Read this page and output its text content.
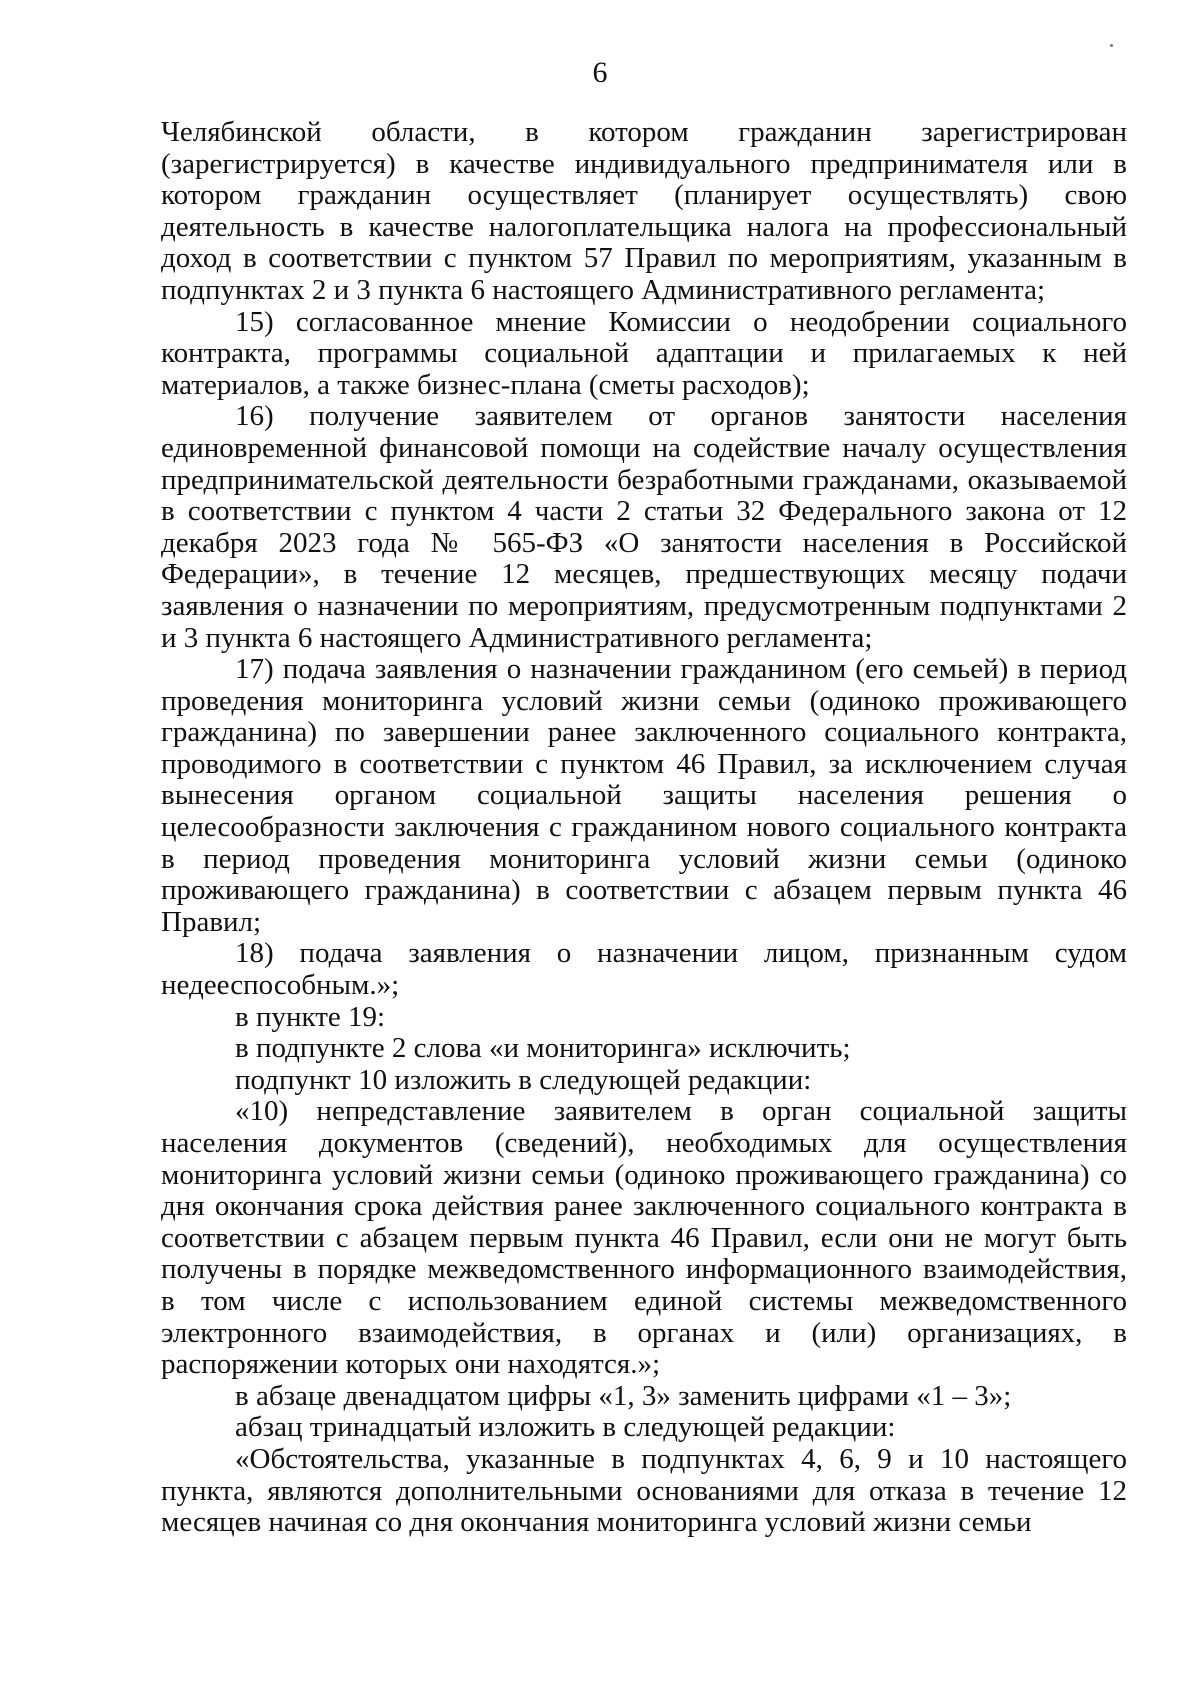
6

Челябинской области, в котором гражданин зарегистрирован (зарегистрируется) в качестве индивидуального предпринимателя или в котором гражданин осуществляет (планирует осуществлять) свою деятельность в качестве налогоплательщика налога на профессиональный доход в соответствии с пунктом 57 Правил по мероприятиям, указанным в подпунктах 2 и 3 пункта 6 настоящего Административного регламента;

15) согласованное мнение Комиссии о неодобрении социального контракта, программы социальной адаптации и прилагаемых к ней материалов, а также бизнес-плана (сметы расходов);

16) получение заявителем от органов занятости населения единовременной финансовой помощи на содействие началу осуществления предпринимательской деятельности безработными гражданами, оказываемой в соответствии с пунктом 4 части 2 статьи 32 Федерального закона от 12 декабря 2023 года № 565-ФЗ «О занятости населения в Российской Федерации», в течение 12 месяцев, предшествующих месяцу подачи заявления о назначении по мероприятиям, предусмотренным подпунктами 2 и 3 пункта 6 настоящего Административного регламента;

17) подача заявления о назначении гражданином (его семьей) в период проведения мониторинга условий жизни семьи (одиноко проживающего гражданина) по завершении ранее заключенного социального контракта, проводимого в соответствии с пунктом 46 Правил, за исключением случая вынесения органом социальной защиты населения решения о целесообразности заключения с гражданином нового социального контракта в период проведения мониторинга условий жизни семьи (одиноко проживающего гражданина) в соответствии с абзацем первым пункта 46 Правил;

18) подача заявления о назначении лицом, признанным судом недееспособным.»;

в пункте 19:

в подпункте 2 слова «и мониторинга» исключить;

подпункт 10 изложить в следующей редакции:

«10) непредставление заявителем в орган социальной защиты населения документов (сведений), необходимых для осуществления мониторинга условий жизни семьи (одиноко проживающего гражданина) со дня окончания срока действия ранее заключенного социального контракта в соответствии с абзацем первым пункта 46 Правил, если они не могут быть получены в порядке межведомственного информационного взаимодействия, в том числе с использованием единой системы межведомственного электронного взаимодействия, в органах и (или) организациях, в распоряжении которых они находятся.»;

в абзаце двенадцатом цифры «1, 3» заменить цифрами «1 – 3»;

абзац тринадцатый изложить в следующей редакции:

«Обстоятельства, указанные в подпунктах 4, 6, 9 и 10 настоящего пункта, являются дополнительными основаниями для отказа в течение 12 месяцев начиная со дня окончания мониторинга условий жизни семьи
